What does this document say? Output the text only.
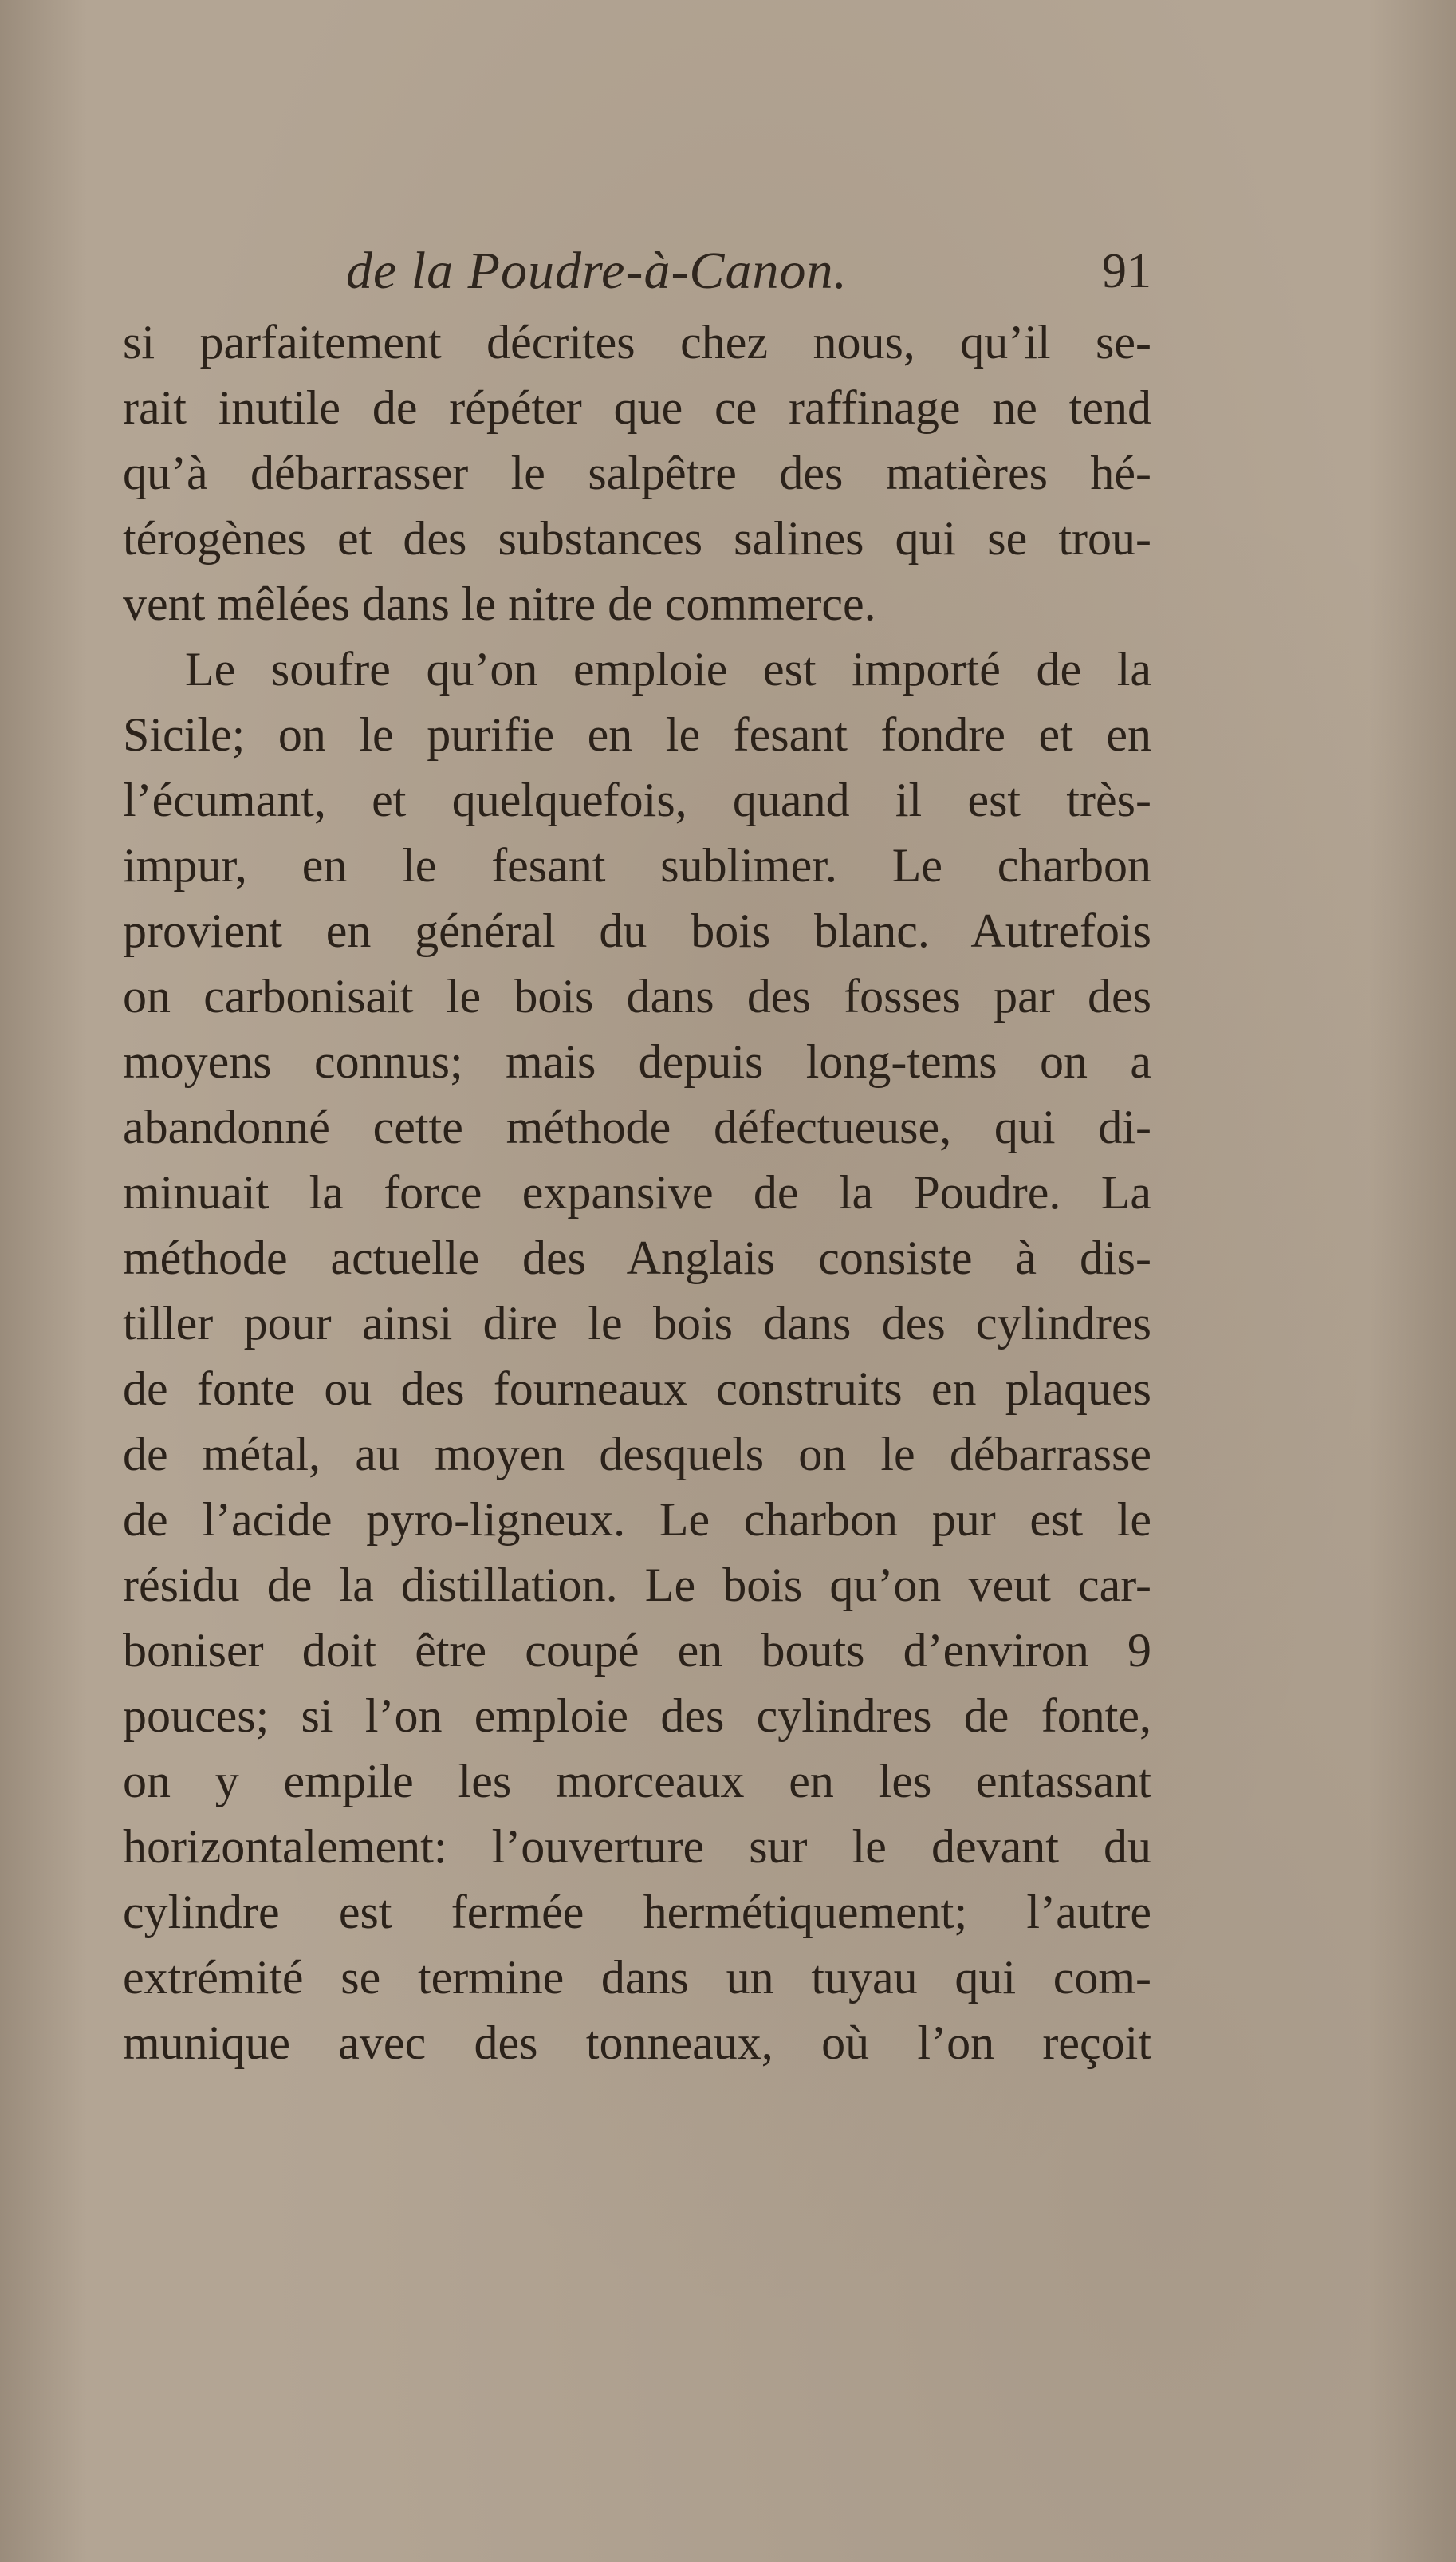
de la Poudre-à-Canon.	91
si parfaitement décrites chez nous, qu’il se-
rait inutile de répéter que ce raffinage ne tend
qu’à débarrasser le salpêtre des matières hé-
térogènes et des substances salines qui se trou-
vent mêlées dans le nitre de commerce.
Le soufre qu’on emploie est importé de la
Sicile; on le purifie en le fesant fondre et en
l’écumant, et quelquefois, quand il est très-
impur, en le fesant sublimer. Le charbon
provient en général du bois blanc. Autrefois
on carbonisait le bois dans des fosses par des
moyens connus; mais depuis long-tems on a
abandonné cette méthode défectueuse, qui di-
minuait la force expansive de la Poudre. La
méthode actuelle des Anglais consiste à dis-
tiller pour ainsi dire le bois dans des cylindres
de fonte ou des fourneaux construits en plaques
de métal, au moyen desquels on le débarrasse
de l’acide pyro-ligneux. Le charbon pur est le
résidu de la distillation. Le bois qu’on veut car-
boniser doit être coupé en bouts d’environ 9
pouces; si l’on emploie des cylindres de fonte,
on y empile les morceaux en les entassant
horizontalement: l’ouverture sur le devant du
cylindre est fermée hermétiquement; l’autre
extrémité se termine dans un tuyau qui com-
munique avec des tonneaux, où l’on reçoit
